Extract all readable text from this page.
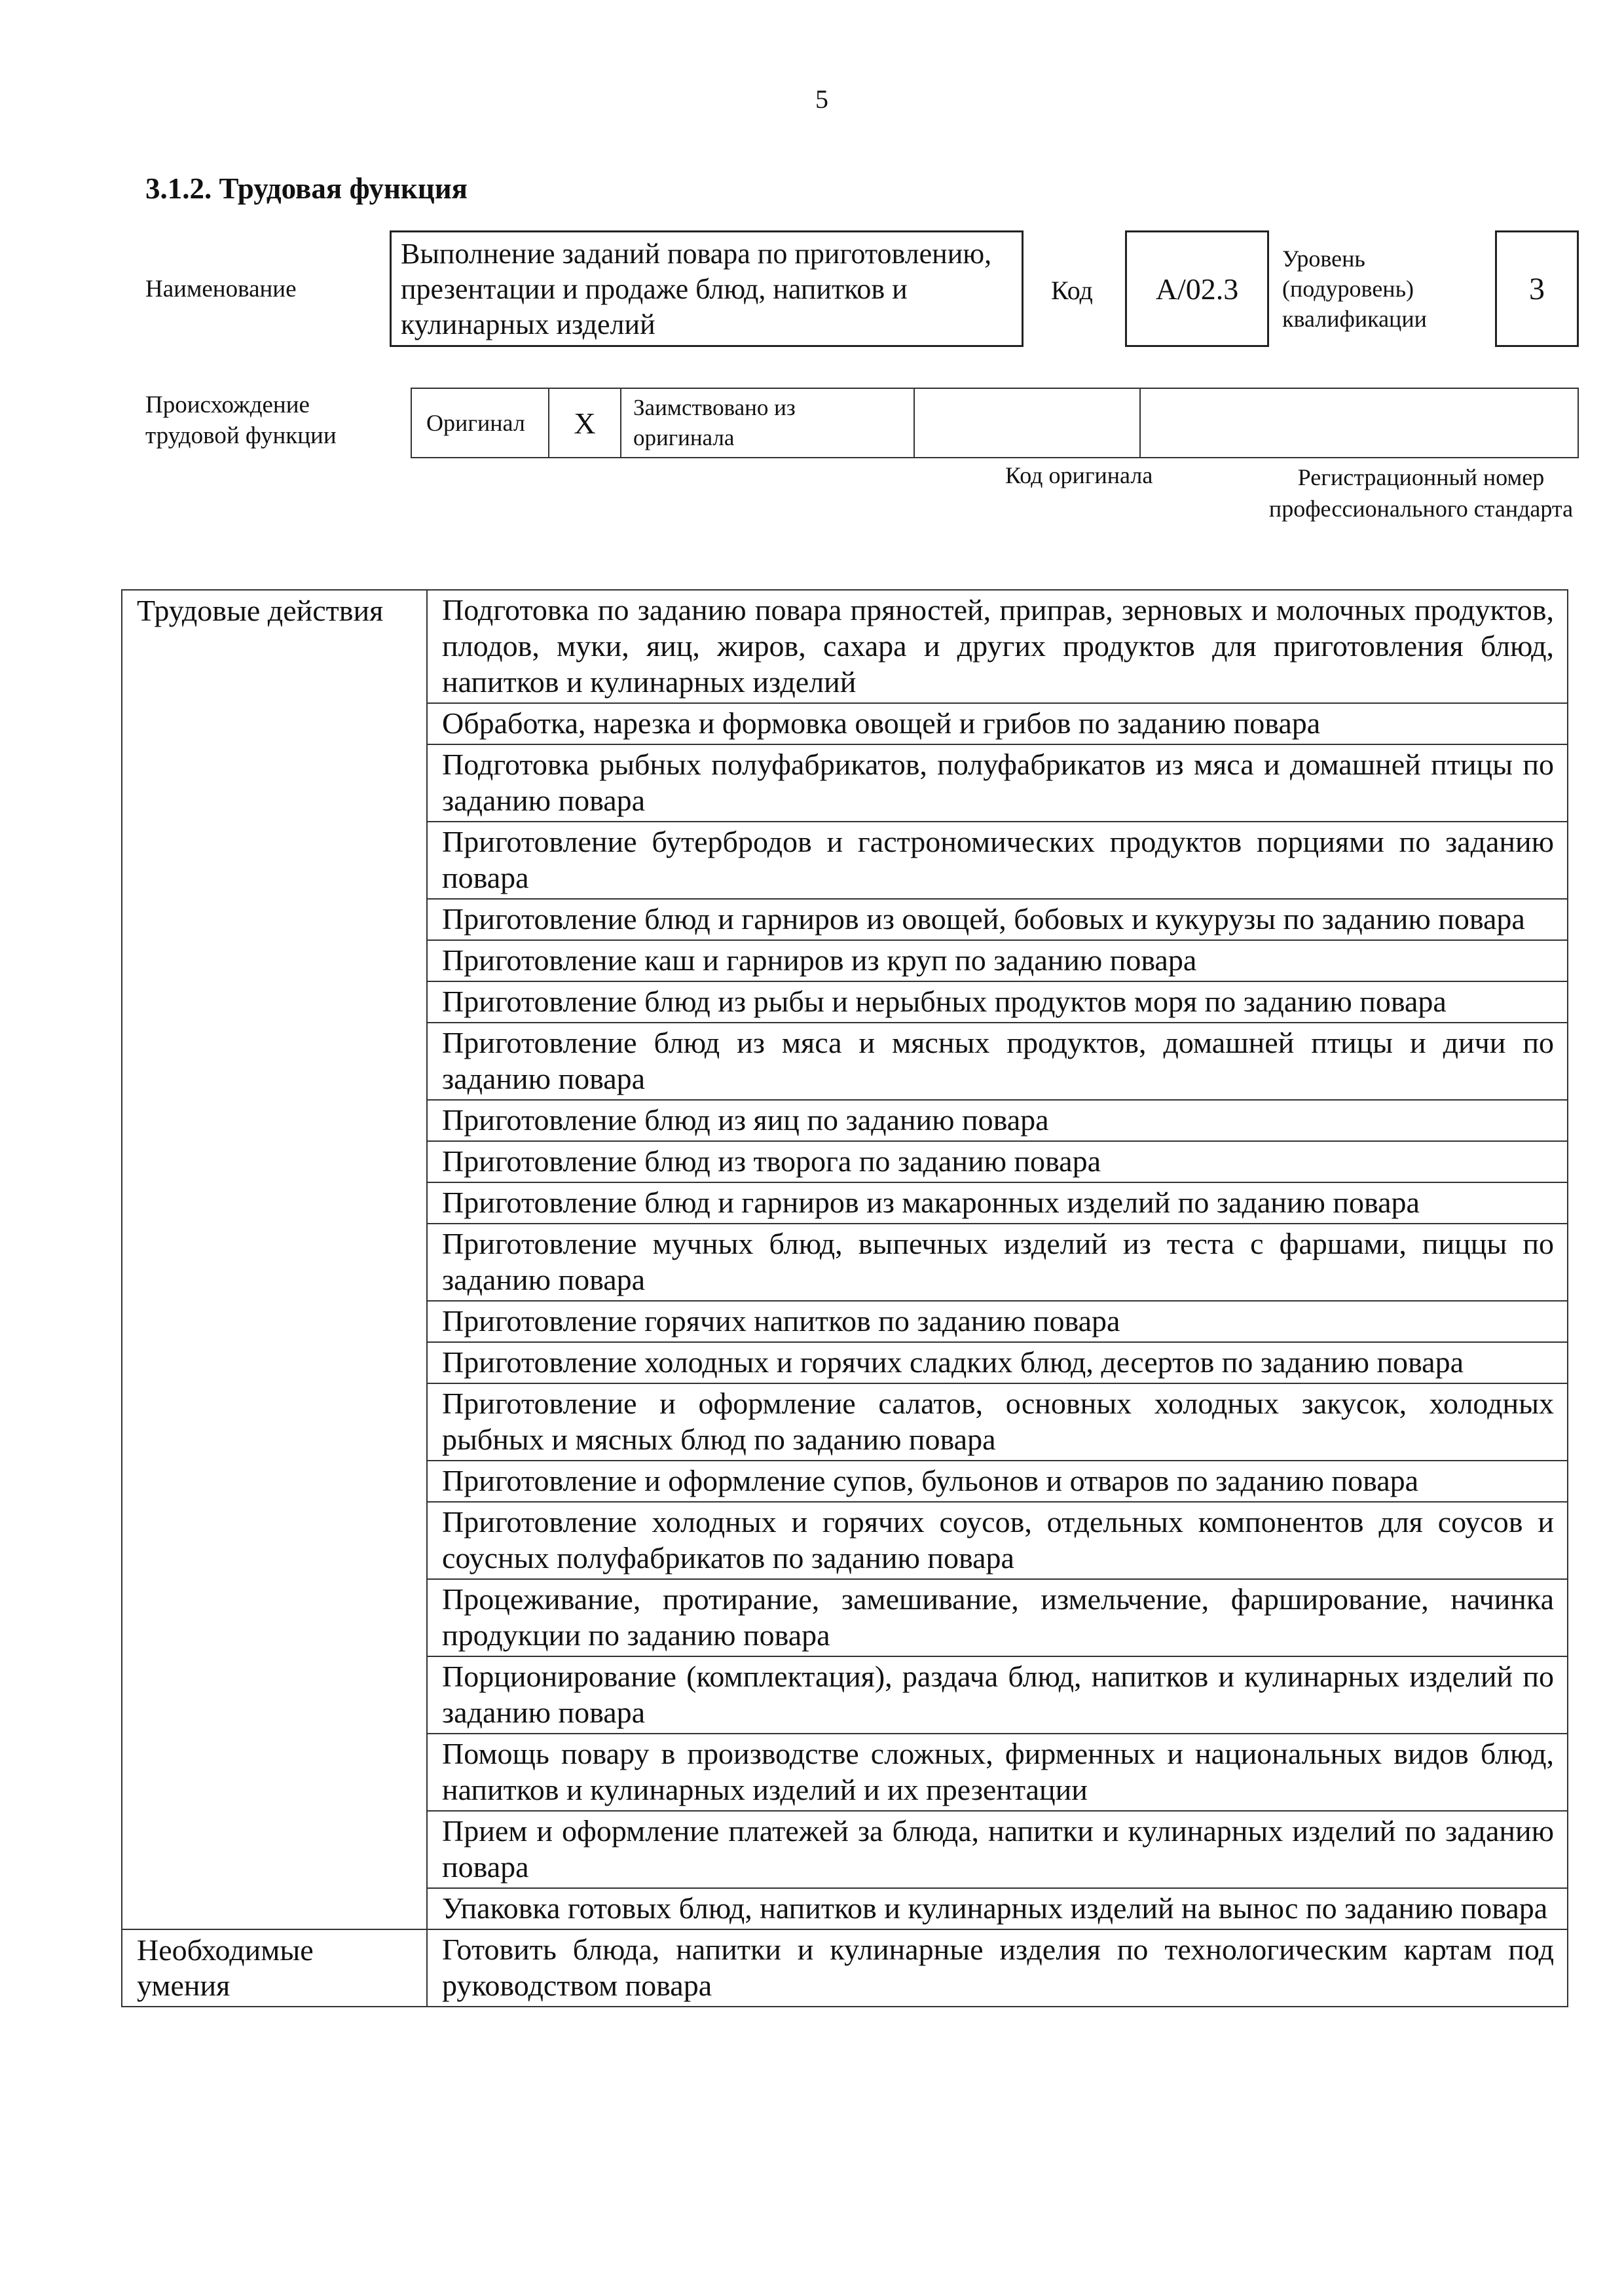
5
3.1.2. Трудовая функция
Наименование
Выполнение заданий повара по приготовлению, презентации и продаже блюд, напитков и кулинарных изделий
Код	A/02.3
Уровень (подуровень) квалификации
3
Происхождение трудовой функции	Оригинал	X	Заимствовано из оригинала
Код оригинала	Регистрационный номер профессионального стандарта
Трудовые действия	Подготовка по заданию повара пряностей, приправ, зерновых и молочных продуктов, плодов, муки, яиц, жиров, сахара и других продуктов для приготовления блюд, напитков и кулинарных изделий
	Обработка, нарезка и формовка овощей и грибов по заданию повара
	Подготовка рыбных полуфабрикатов, полуфабрикатов из мяса и домашней птицы по заданию повара
	Приготовление бутербродов и гастрономических продуктов порциями по заданию повара
	Приготовление блюд и гарниров из овощей, бобовых и кукурузы по заданию повара
	Приготовление каш и гарниров из круп по заданию повара
	Приготовление блюд из рыбы и нерыбных продуктов моря по заданию повара
	Приготовление блюд из мяса и мясных продуктов, домашней птицы и дичи по заданию повара
	Приготовление блюд из яиц по заданию повара
	Приготовление блюд из творога по заданию повара
	Приготовление блюд и гарниров из макаронных изделий по заданию повара
	Приготовление мучных блюд, выпечных изделий из теста с фаршами, пиццы по заданию повара
	Приготовление горячих напитков по заданию повара
	Приготовление холодных и горячих сладких блюд, десертов по заданию повара
	Приготовление и оформление салатов, основных холодных закусок, холодных рыбных и мясных блюд по заданию повара
	Приготовление и оформление супов, бульонов и отваров по заданию повара
	Приготовление холодных и горячих соусов, отдельных компонентов для соусов и соусных полуфабрикатов по заданию повара
	Процеживание, протирание, замешивание, измельчение, фарширование, начинка продукции по заданию повара
	Порционирование (комплектация), раздача блюд, напитков и кулинарных изделий по заданию повара
	Помощь повару в производстве сложных, фирменных и национальных видов блюд, напитков и кулинарных изделий и их презентации
	Прием и оформление платежей за блюда, напитки и кулинарных изделий по заданию повара
	Упаковка готовых блюд, напитков и кулинарных изделий на вынос по заданию повара
Необходимые умения	Готовить блюда, напитки и кулинарные изделия по технологическим картам под руководством повара
